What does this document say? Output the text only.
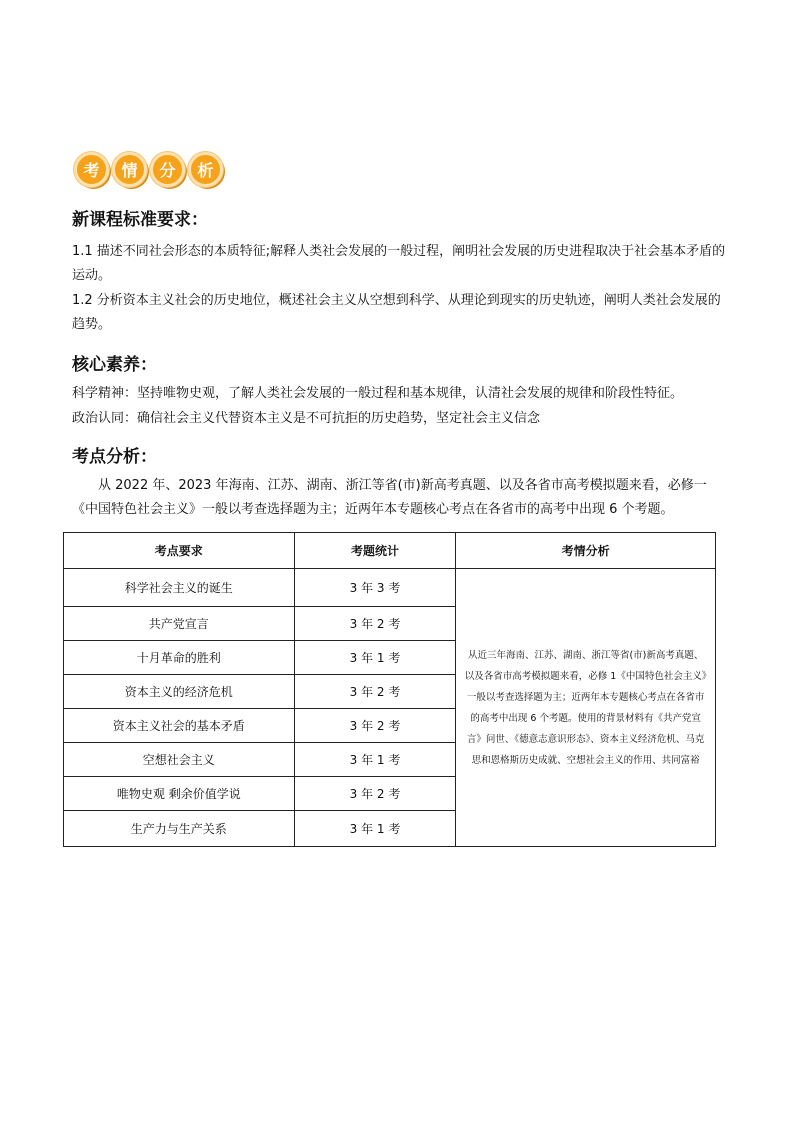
考	情	分	析
新课程标准要求：
1.1 描述不同社会形态的本质特征;解释人类社会发展的一般过程，阐明社会发展的历史进程取决于社会基本矛盾的运动。
1.2 分析资本主义社会的历史地位，概述社会主义从空想到科学、从理论到现实的历史轨迹，阐明人类社会发展的趋势。
核心素养：
科学精神：坚持唯物史观，了解人类社会发展的一般过程和基本规律，认清社会发展的规律和阶段性特征。
政治认同：确信社会主义代替资本主义是不可抗拒的历史趋势，坚定社会主义信念
考点分析：
从 2022 年、2023 年海南、江苏、湖南、浙江等省(市)新高考真题、以及各省市高考模拟题来看，必修一《中国特色社会主义》一般以考查选择题为主；近两年本专题核心考点在各省市的高考中出现 6 个考题。
考点要求	考题统计	考情分析
科学社会主义的诞生	3 年 3 考	从近三年海南、江苏、湖南、浙江等省(市)新高考真题、以及各省市高考模拟题来看，必修 1《中国特色社会主义》一般以考查选择题为主；近两年本专题核心考点在各省市的高考中出现 6 个考题。使用的背景材料有《共产党宣言》问世、《德意志意识形态》、资本主义经济危机、马克思和恩格斯历史成就、空想社会主义的作用、共同富裕
共产党宣言	3 年 2 考	
十月革命的胜利	3 年 1 考	
资本主义的经济危机	3 年 2 考	
资本主义社会的基本矛盾	3 年 2 考	
空想社会主义	3 年 1 考	
唯物史观 剩余价值学说	3 年 2 考	
生产力与生产关系	3 年 1 考	
